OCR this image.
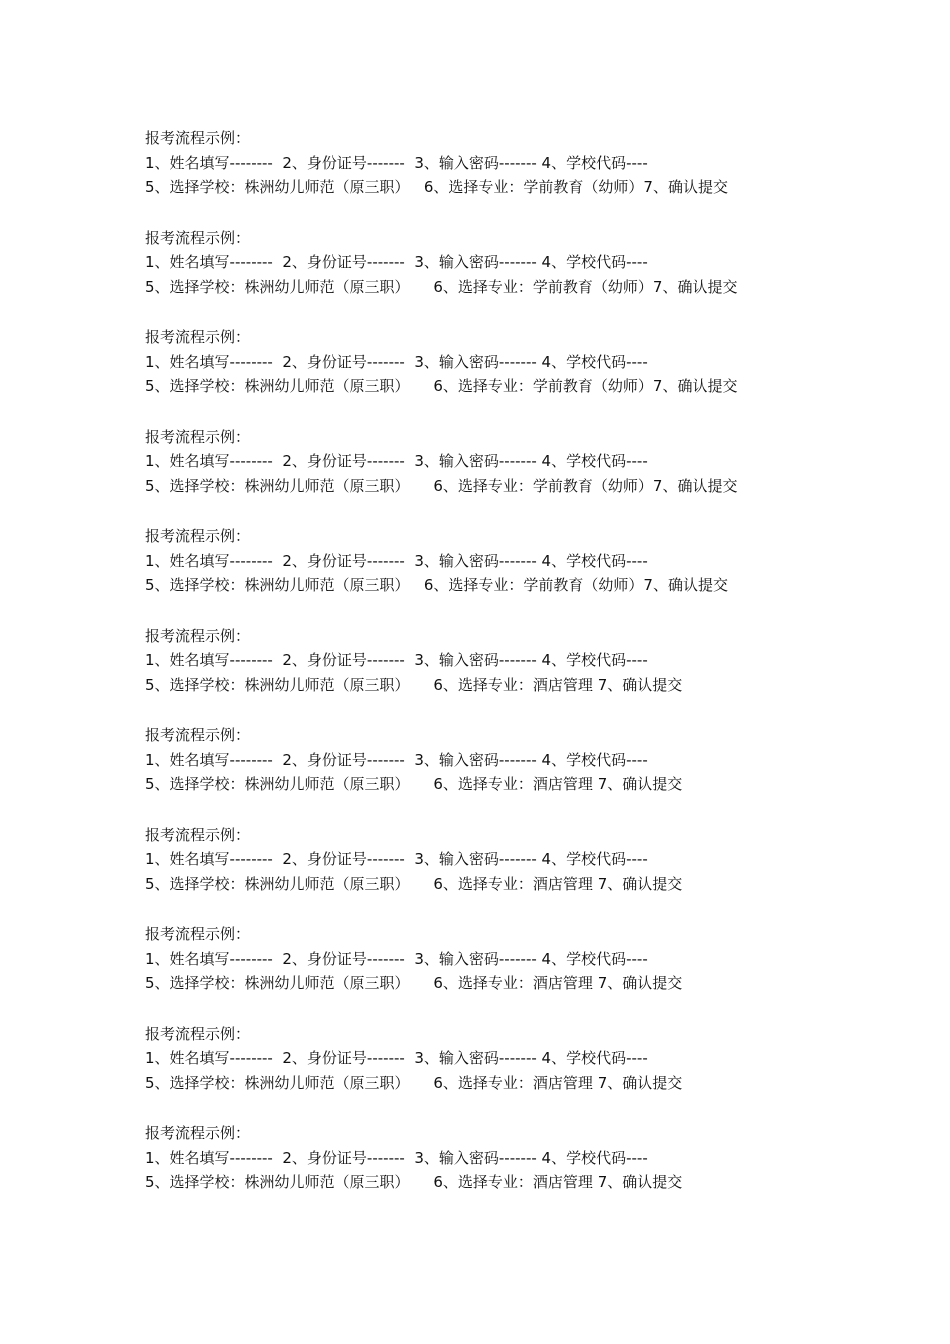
报考流程示例：
1、姓名填写--------  2、身份证号-------  3、输入密码------- 4、学校代码----
5、选择学校：株洲幼儿师范（原三职）   6、选择专业：学前教育（幼师）7、确认提交
报考流程示例：
1、姓名填写--------  2、身份证号-------  3、输入密码------- 4、学校代码----
5、选择学校：株洲幼儿师范（原三职）     6、选择专业：学前教育（幼师）7、确认提交
报考流程示例：
1、姓名填写--------  2、身份证号-------  3、输入密码------- 4、学校代码----
5、选择学校：株洲幼儿师范（原三职）     6、选择专业：学前教育（幼师）7、确认提交
报考流程示例：
1、姓名填写--------  2、身份证号-------  3、输入密码------- 4、学校代码----
5、选择学校：株洲幼儿师范（原三职）     6、选择专业：学前教育（幼师）7、确认提交
报考流程示例：
1、姓名填写--------  2、身份证号-------  3、输入密码------- 4、学校代码----
5、选择学校：株洲幼儿师范（原三职）   6、选择专业：学前教育（幼师）7、确认提交
报考流程示例：
1、姓名填写--------  2、身份证号-------  3、输入密码------- 4、学校代码----
5、选择学校：株洲幼儿师范（原三职）     6、选择专业：酒店管理 7、确认提交
报考流程示例：
1、姓名填写--------  2、身份证号-------  3、输入密码------- 4、学校代码----
5、选择学校：株洲幼儿师范（原三职）     6、选择专业：酒店管理 7、确认提交
报考流程示例：
1、姓名填写--------  2、身份证号-------  3、输入密码------- 4、学校代码----
5、选择学校：株洲幼儿师范（原三职）     6、选择专业：酒店管理 7、确认提交
报考流程示例：
1、姓名填写--------  2、身份证号-------  3、输入密码------- 4、学校代码----
5、选择学校：株洲幼儿师范（原三职）     6、选择专业：酒店管理 7、确认提交
报考流程示例：
1、姓名填写--------  2、身份证号-------  3、输入密码------- 4、学校代码----
5、选择学校：株洲幼儿师范（原三职）     6、选择专业：酒店管理 7、确认提交
报考流程示例：
1、姓名填写--------  2、身份证号-------  3、输入密码------- 4、学校代码----
5、选择学校：株洲幼儿师范（原三职）     6、选择专业：酒店管理 7、确认提交
